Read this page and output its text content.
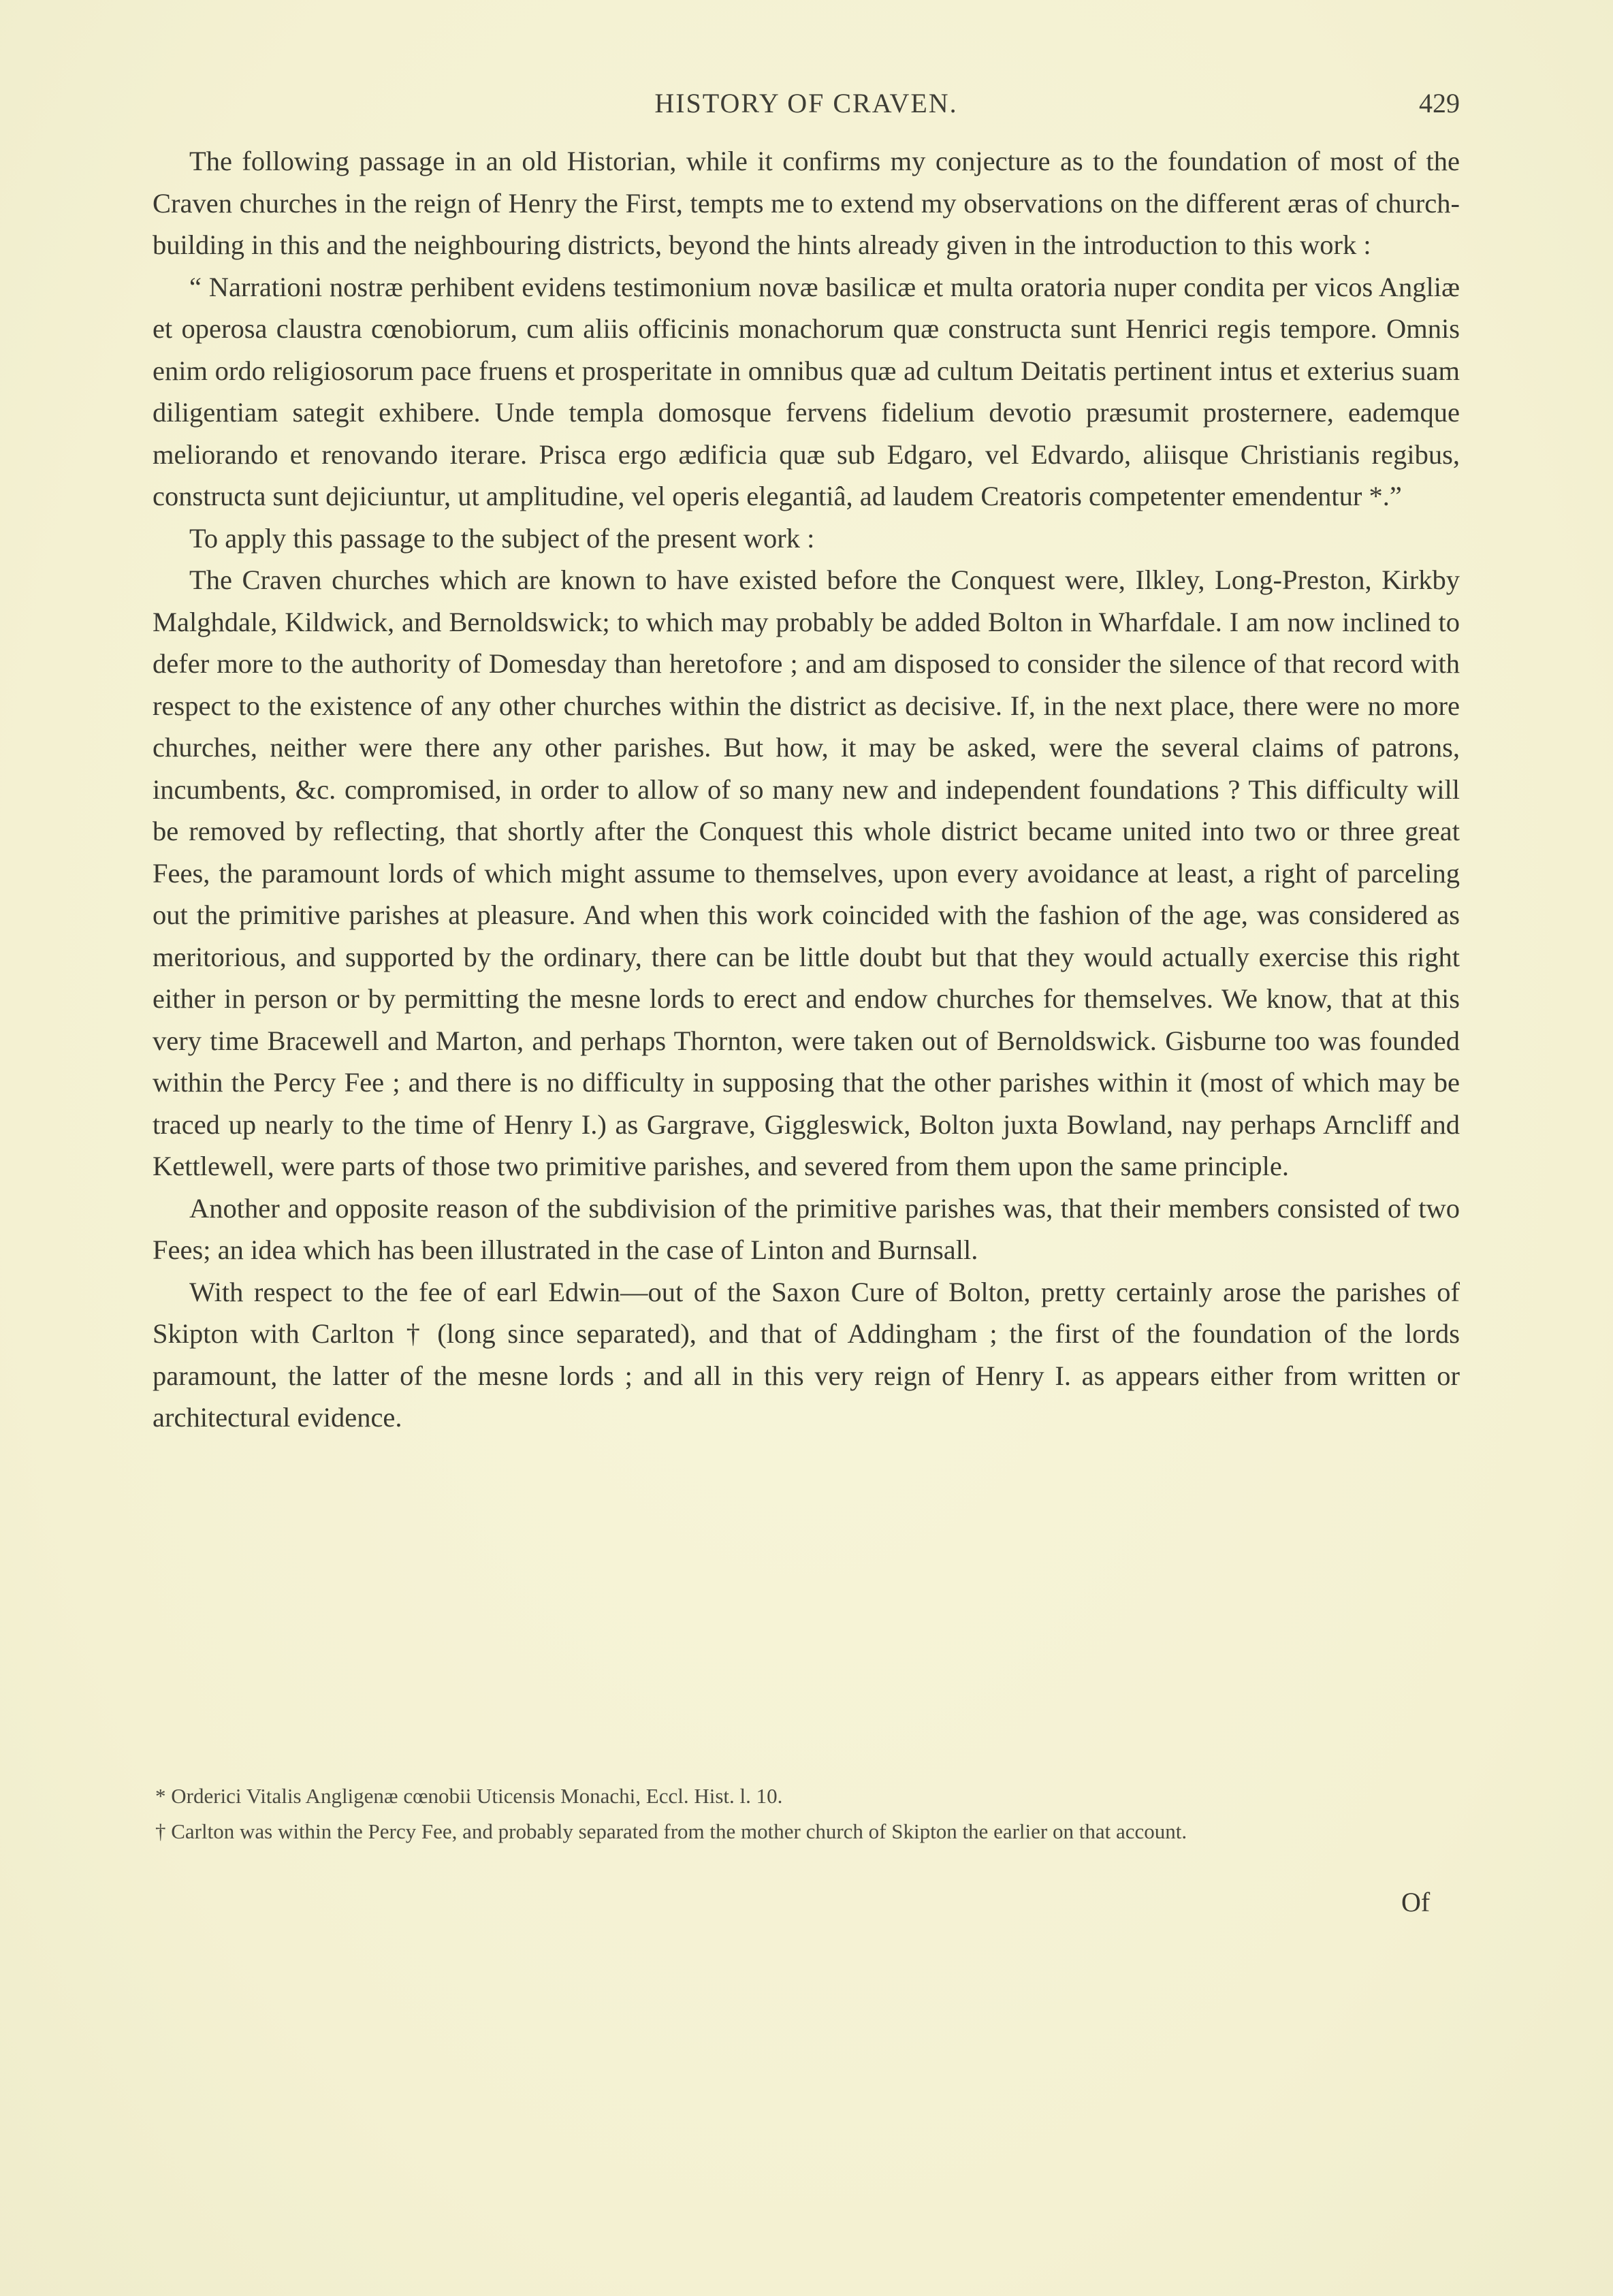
HISTORY OF CRAVEN.	429

The following passage in an old Historian, while it confirms my conjecture as to the foundation of most of the Craven churches in the reign of Henry the First, tempts me to extend my observations on the different æras of church-building in this and the neighbouring districts, beyond the hints already given in the introduction to this work :

“ Narrationi nostræ perhibent evidens testimonium novæ basilicæ et multa oratoria nuper condita per vicos Angliæ et operosa claustra cœnobiorum, cum aliis officinis monachorum quæ constructa sunt Henrici regis tempore. Omnis enim ordo religiosorum pace fruens et prosperitate in omnibus quæ ad cultum Deitatis pertinent intus et exterius suam diligentiam sategit exhibere. Unde templa domosque fervens fidelium devotio præsumit prosternere, eademque meliorando et renovando iterare. Prisca ergo ædificia quæ sub Edgaro, vel Edvardo, aliisque Christianis regibus, constructa sunt dejiciuntur, ut amplitudine, vel operis elegantiâ, ad laudem Creatoris competenter emendentur *.”

To apply this passage to the subject of the present work :

The Craven churches which are known to have existed before the Conquest were, Ilkley, Long-Preston, Kirkby Malghdale, Kildwick, and Bernoldswick; to which may probably be added Bolton in Wharfdale. I am now inclined to defer more to the authority of Domesday than heretofore ; and am disposed to consider the silence of that record with respect to the existence of any other churches within the district as decisive. If, in the next place, there were no more churches, neither were there any other parishes. But how, it may be asked, were the several claims of patrons, incumbents, &c. compromised, in order to allow of so many new and independent foundations ? This difficulty will be removed by reflecting, that shortly after the Conquest this whole district became united into two or three great Fees, the paramount lords of which might assume to themselves, upon every avoidance at least, a right of parceling out the primitive parishes at pleasure. And when this work coincided with the fashion of the age, was considered as meritorious, and supported by the ordinary, there can be little doubt but that they would actually exercise this right either in person or by permitting the mesne lords to erect and endow churches for themselves. We know, that at this very time Bracewell and Marton, and perhaps Thornton, were taken out of Bernoldswick. Gisburne too was founded within the Percy Fee ; and there is no difficulty in supposing that the other parishes within it (most of which may be traced up nearly to the time of Henry I.) as Gargrave, Giggleswick, Bolton juxta Bowland, nay perhaps Arncliff and Kettlewell, were parts of those two primitive parishes, and severed from them upon the same principle.

Another and opposite reason of the subdivision of the primitive parishes was, that their members consisted of two Fees; an idea which has been illustrated in the case of Linton and Burnsall.

With respect to the fee of earl Edwin—out of the Saxon Cure of Bolton, pretty certainly arose the parishes of Skipton with Carlton † (long since separated), and that of Addingham ; the first of the foundation of the lords paramount, the latter of the mesne lords ; and all in this very reign of Henry I. as appears either from written or architectural evidence.

* Orderici Vitalis Angligenæ cœnobii Uticensis Monachi, Eccl. Hist. l. 10.

† Carlton was within the Percy Fee, and probably separated from the mother church of Skipton the earlier on that account.

Of
